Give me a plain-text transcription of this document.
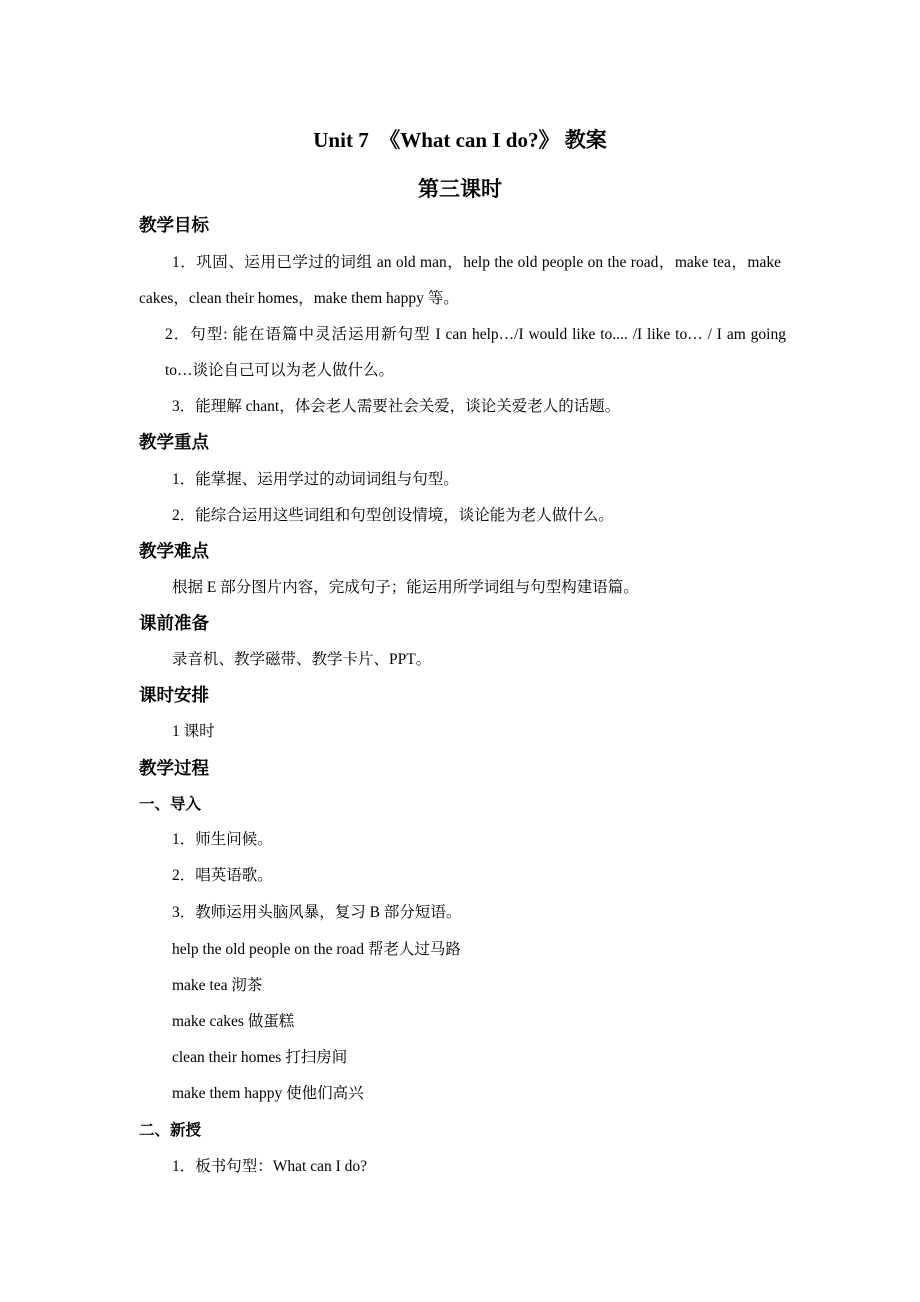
Unit 7　《What can I do?》 教案
第三课时
教学目标
1．巩固、运用已学过的词组 an old man，help the old people on the road，make tea，make
cakes，clean their homes，make them happy 等。
2．句型: 能在语篇中灵活运用新句型 I can help…/I would like to.... /I like to… / I am going
to…谈论自己可以为老人做什么。
3．能理解 chant，体会老人需要社会关爱，谈论关爱老人的话题。
教学重点
1．能掌握、运用学过的动词词组与句型。
2．能综合运用这些词组和句型创设情境，谈论能为老人做什么。
教学难点
根据 E 部分图片内容，完成句子；能运用所学词组与句型构建语篇。
课前准备
录音机、教学磁带、教学卡片、PPT。
课时安排
1 课时
教学过程
一、导入
1．师生问候。
2．唱英语歌。
3．教师运用头脑风暴，复习 B 部分短语。
help the old people on the road 帮老人过马路
make tea 沏茶
make cakes 做蛋糕
clean their homes 打扫房间
make them happy 使他们高兴
二、新授
1．板书句型：What can I do?
